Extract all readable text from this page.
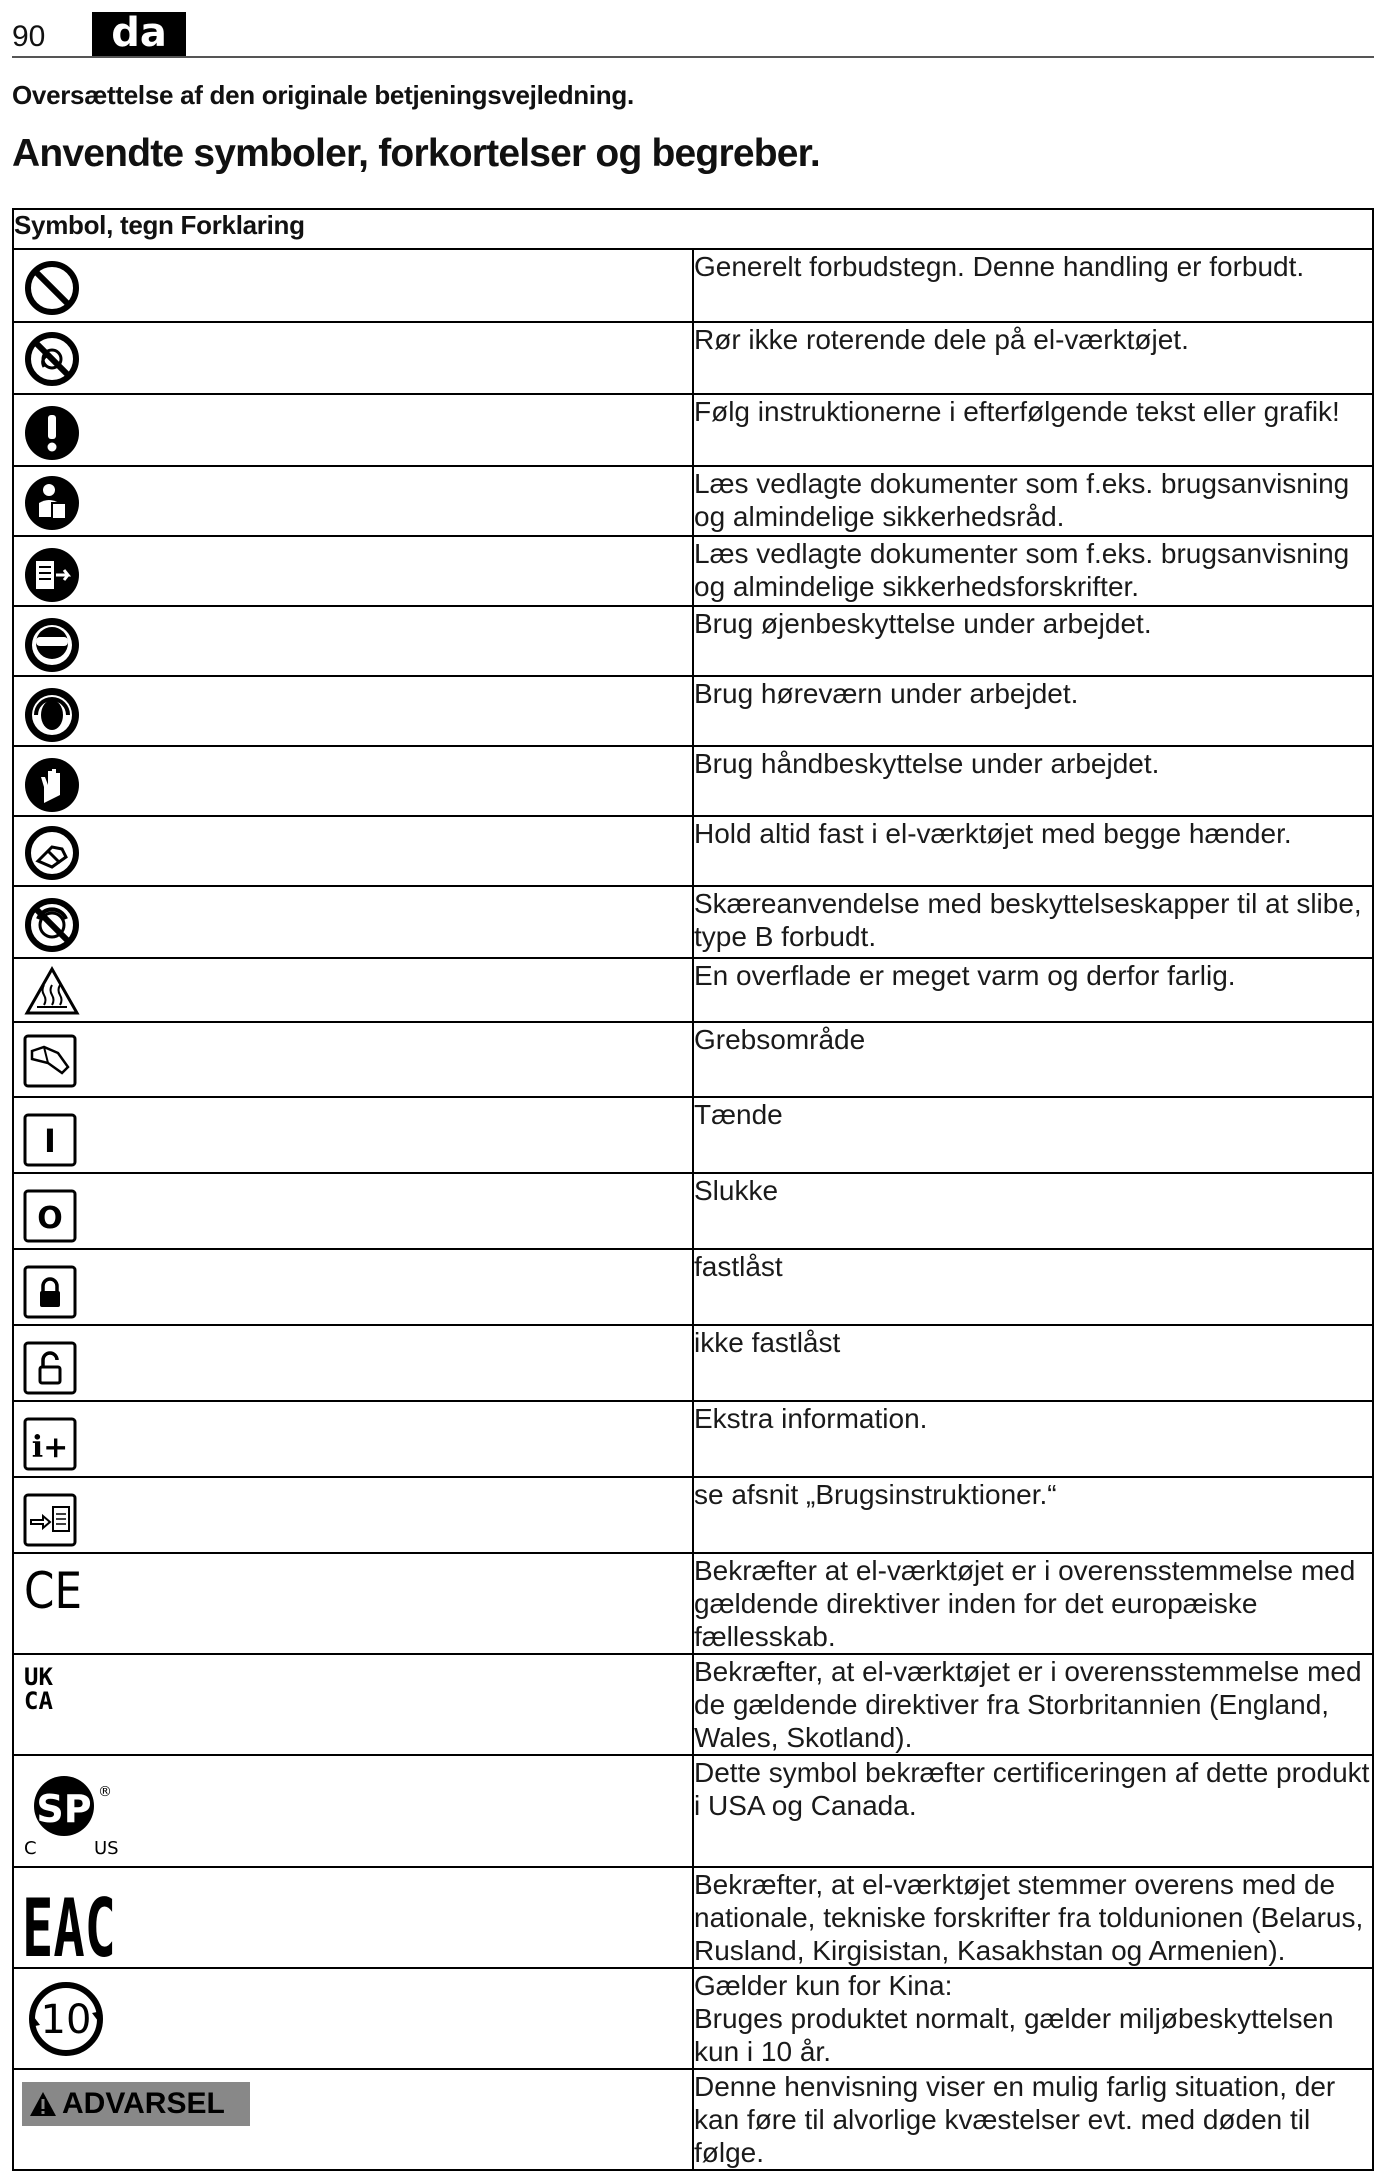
90	da
Oversættelse af den originale betjeningsvejledning.
Anvendte symboler, forkortelser og begreber.
Symbol, tegn Forklaring	

	Generelt forbudstegn. Denne handling er forbudt.

	Rør ikke roterende dele på el-værktøjet.

	Følg instruktionerne i efterfølgende tekst eller grafik!

	Læs vedlagte dokumenter som f.eks. brugsanvisning og almindelige sikkerhedsråd.

	Læs vedlagte dokumenter som f.eks. brugsanvisning og almindelige sikkerhedsforskrifter.

	Brug øjenbeskyttelse under arbejdet.

	Brug høreværn under arbejdet.

	Brug håndbeskyttelse under arbejdet.

	Hold altid fast i el-værktøjet med begge hænder.

	Skæreanvendelse med beskyttelseskapper til at slibe, type B forbudt.

	En overflade er meget varm og derfor farlig.

	Grebsområde

I	Tænde

O	Slukke

	fastlåst

	ikke fastlåst

i+	Ekstra information.

	se afsnit „Brugsinstruktioner.“

CE	Bekræfter at el-værktøjet er i overensstemmelse med gældende direktiver inden for det europæiske fællesskab.

UK
CA	Bekræfter, at el-værktøjet er i overensstemmelse med de gældende direktiver fra Storbritannien (England, Wales, Skotland).

SP ®
C US	Dette symbol bekræfter certificeringen af dette produkt i USA og Canada.

EAC	Bekræfter, at el-værktøjet stemmer overens med de nationale, tekniske forskrifter fra toldunionen (Belarus, Rusland, Kirgisistan, Kasakhstan og Armenien).

10	Gælder kun for Kina:
Bruges produktet normalt, gælder miljøbeskyttelsen kun i 10 år.

ADVARSEL	Denne henvisning viser en mulig farlig situation, der kan føre til alvorlige kvæstelser evt. med døden til følge.
